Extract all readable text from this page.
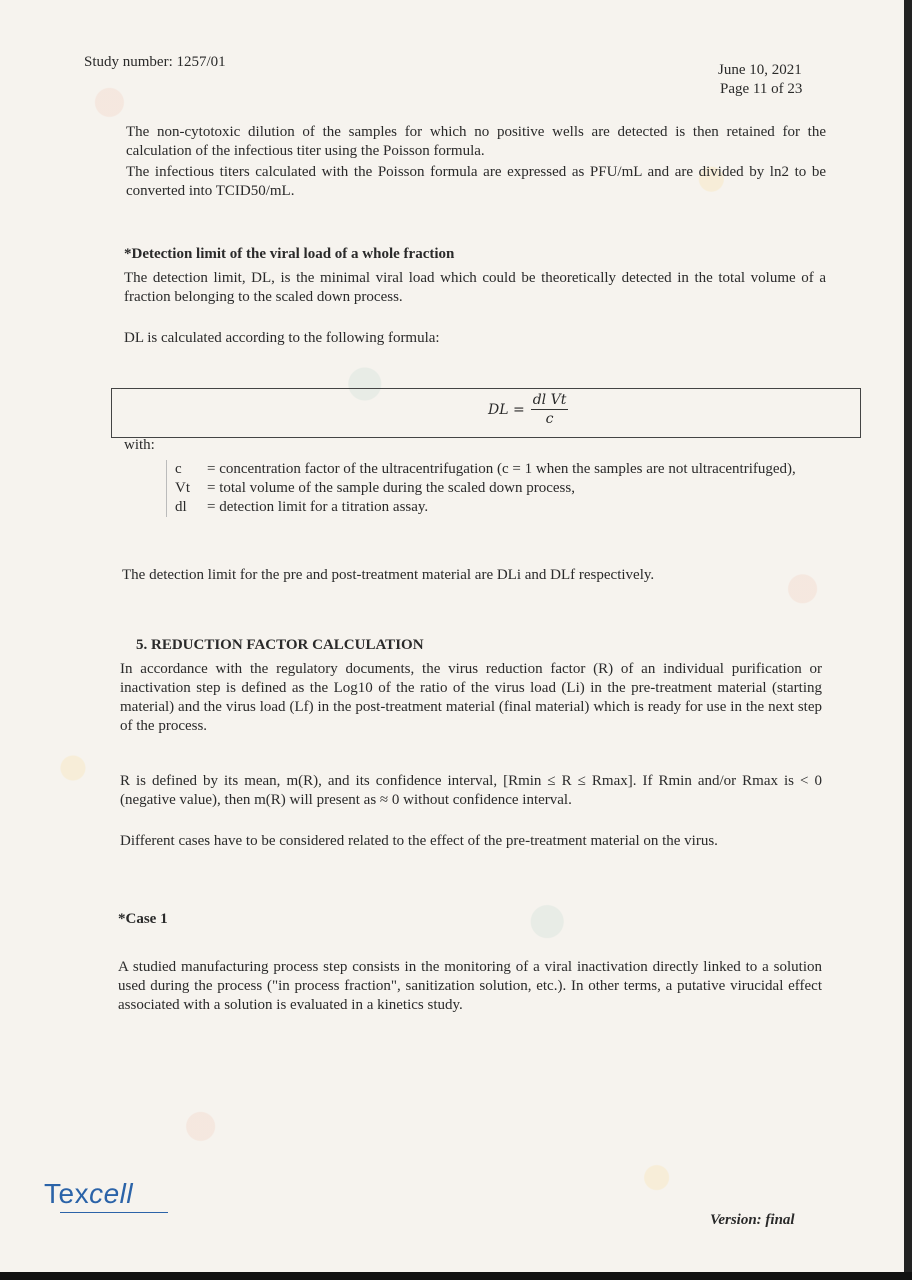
Study number: 1257/01	June 10, 2021
Page 11 of 23
The non-cytotoxic dilution of the samples for which no positive wells are detected is then retained for the calculation of the infectious titer using the Poisson formula.
The infectious titers calculated with the Poisson formula are expressed as PFU/mL and are divided by ln2 to be converted into TCID50/mL.
*Detection limit of the viral load of a whole fraction
The detection limit, DL, is the minimal viral load which could be theoretically detected in the total volume of a fraction belonging to the scaled down process.
DL is calculated according to the following formula:
DL = $\frac{\text{dl Vt}}{c}$
with:
c	= concentration factor of the ultracentrifugation (c = 1 when the samples are not ultracentrifuged),
Vt	= total volume of the sample during the scaled down process,
dl	= detection limit for a titration assay.
The detection limit for the pre and post-treatment material are DLi and DLf respectively.
5. REDUCTION FACTOR CALCULATION
In accordance with the regulatory documents, the virus reduction factor (R) of an individual purification or inactivation step is defined as the Log10 of the ratio of the virus load (Li) in the pre-treatment material (starting material) and the virus load (Lf) in the post-treatment material (final material) which is ready for use in the next step of the process.
R is defined by its mean, m(R), and its confidence interval, [Rmin ≤ R ≤ Rmax]. If Rmin and/or Rmax is < 0 (negative value), then m(R) will present as ≈ 0 without confidence interval.
Different cases have to be considered related to the effect of the pre-treatment material on the virus.
*Case 1
A studied manufacturing process step consists in the monitoring of a viral inactivation directly linked to a solution used during the process ("in process fraction", sanitization solution, etc.). In other terms, a putative virucidal effect associated with a solution is evaluated in a kinetics study.
Texcell
Version: final
